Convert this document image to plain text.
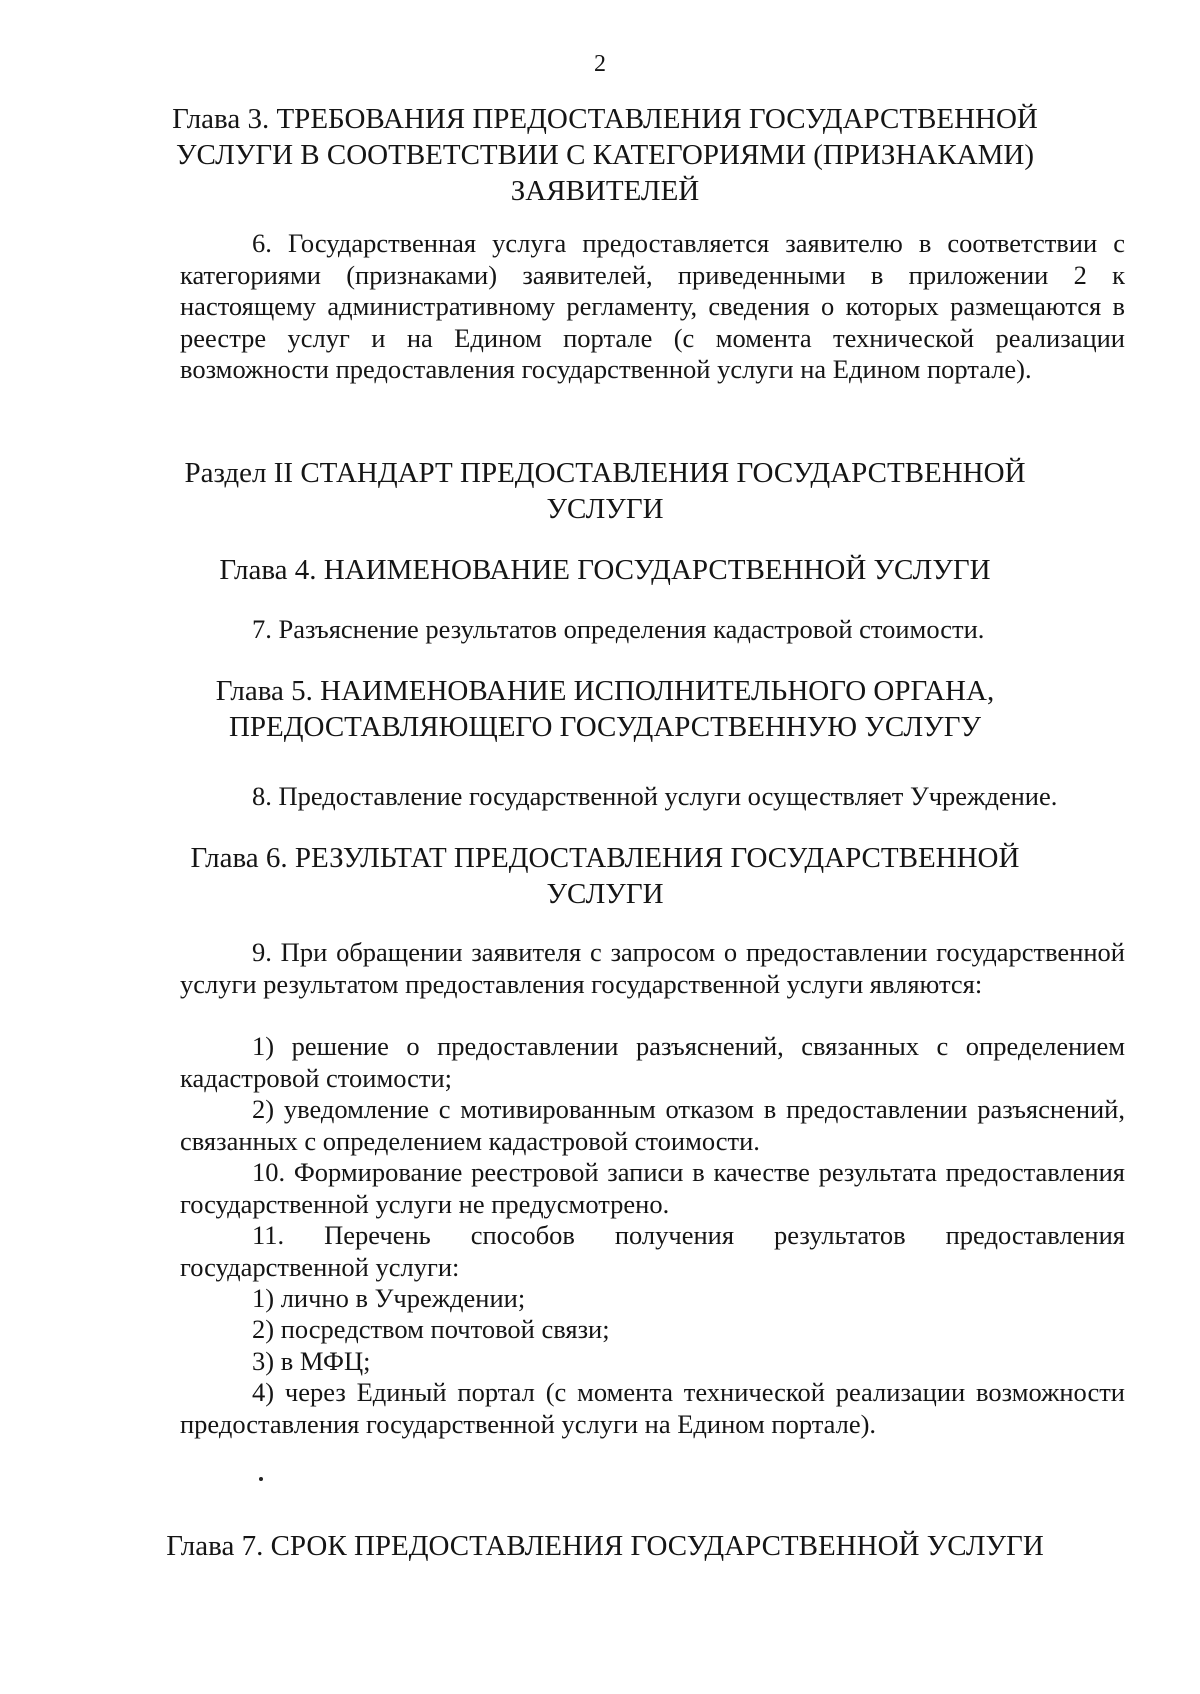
2
Глава 3. ТРЕБОВАНИЯ ПРЕДОСТАВЛЕНИЯ ГОСУДАРСТВЕННОЙ УСЛУГИ В СООТВЕТСТВИИ С КАТЕГОРИЯМИ (ПРИЗНАКАМИ) ЗАЯВИТЕЛЕЙ

6. Государственная услуга предоставляется заявителю в соответствии с категориями (признаками) заявителей, приведенными в приложении 2 к настоящему административному регламенту, сведения о которых размещаются в реестре услуг и на Едином портале (с момента технической реализации возможности предоставления государственной услуги на Едином портале).

Раздел II СТАНДАРТ ПРЕДОСТАВЛЕНИЯ ГОСУДАРСТВЕННОЙ УСЛУГИ
Глава 4. НАИМЕНОВАНИЕ ГОСУДАРСТВЕННОЙ УСЛУГИ

7. Разъяснение результатов определения кадастровой стоимости.

Глава 5. НАИМЕНОВАНИЕ ИСПОЛНИТЕЛЬНОГО ОРГАНА, ПРЕДОСТАВЛЯЮЩЕГО ГОСУДАРСТВЕННУЮ УСЛУГУ

8. Предоставление государственной услуги осуществляет Учреждение.

Глава 6. РЕЗУЛЬТАТ ПРЕДОСТАВЛЕНИЯ ГОСУДАРСТВЕННОЙ УСЛУГИ

9. При обращении заявителя с запросом о предоставлении государственной услуги результатом предоставления государственной услуги являются:

1) решение о предоставлении разъяснений, связанных с определением кадастровой стоимости;

2) уведомление с мотивированным отказом в предоставлении разъяснений, связанных с определением кадастровой стоимости.

10. Формирование реестровой записи в качестве результата предоставления государственной услуги не предусмотрено.

11. Перечень способов получения результатов предоставления государственной услуги:

1) лично в Учреждении;

2) посредством почтовой связи;

3) в МФЦ;

4) через Единый портал (с момента технической реализации возможности предоставления государственной услуги на Едином портале).

Глава 7. СРОК ПРЕДОСТАВЛЕНИЯ ГОСУДАРСТВЕННОЙ УСЛУГИ
